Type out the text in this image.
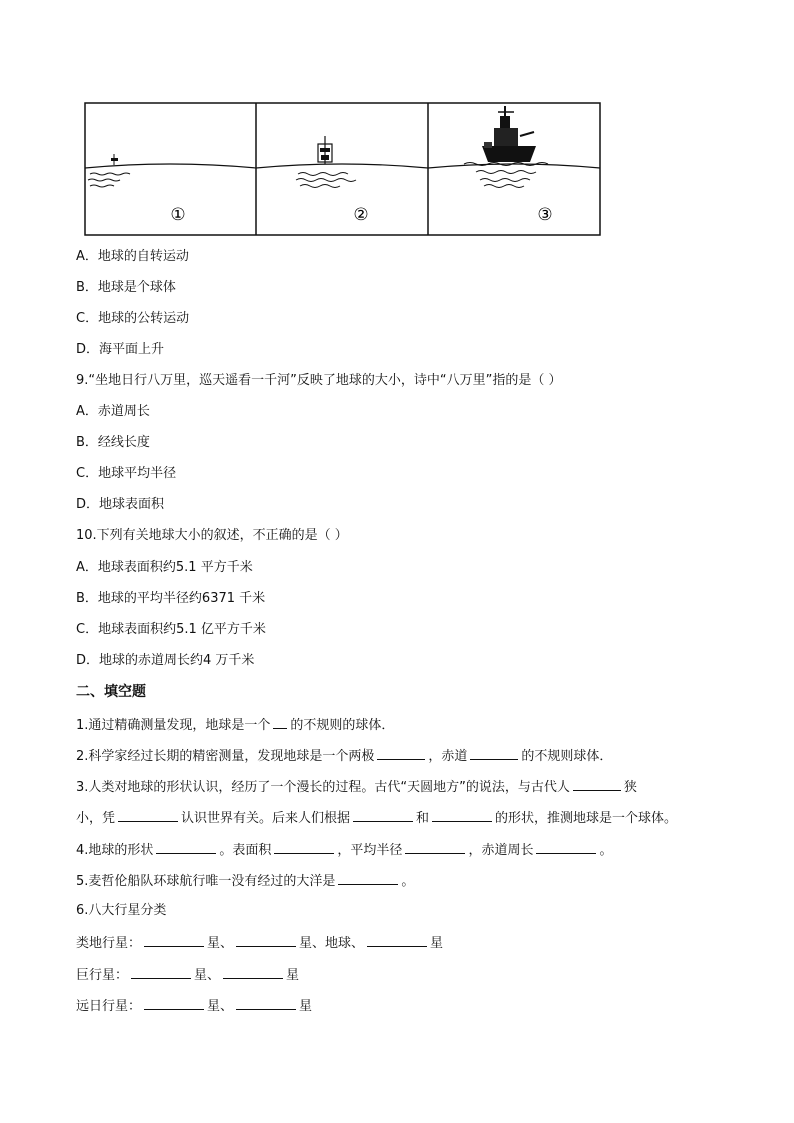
①	②	③
A．地球的自转运动
B．地球是个球体
C．地球的公转运动
D．海平面上升
9.“坐地日行八万里，巡天遥看一千河”反映了地球的大小，诗中“八万里”指的是（ ）
A．赤道周长
B．经线长度
C．地球平均半径
D．地球表面积
10.下列有关地球大小的叙述，不正确的是（ ）
A．地球表面积约5.1 平方千米
B．地球的平均半径约6371 千米
C．地球表面积约5.1 亿平方千米
D．地球的赤道周长约4 万千米
二、填空题
1.通过精确测量发现，地球是一个 的不规则的球体．
2.科学家经过长期的精密测量，发现地球是一个两极	，赤道	的不规则球体．
3.人类对地球的形状认识，经历了一个漫长的过程。古代“天圆地方”的说法，与古代人	狭
小，凭	认识世界有关。后来人们根据	和	的形状，推测地球是一个球体。
4.地球的形状	。表面积	，平均半径	，赤道周长	。
5.麦哲伦船队环球航行唯一没有经过的大洋是	。
6.八大行星分类
类地行星：	星、	星、地球、	星
巨行星：	星、	星
远日行星：	星、	星
